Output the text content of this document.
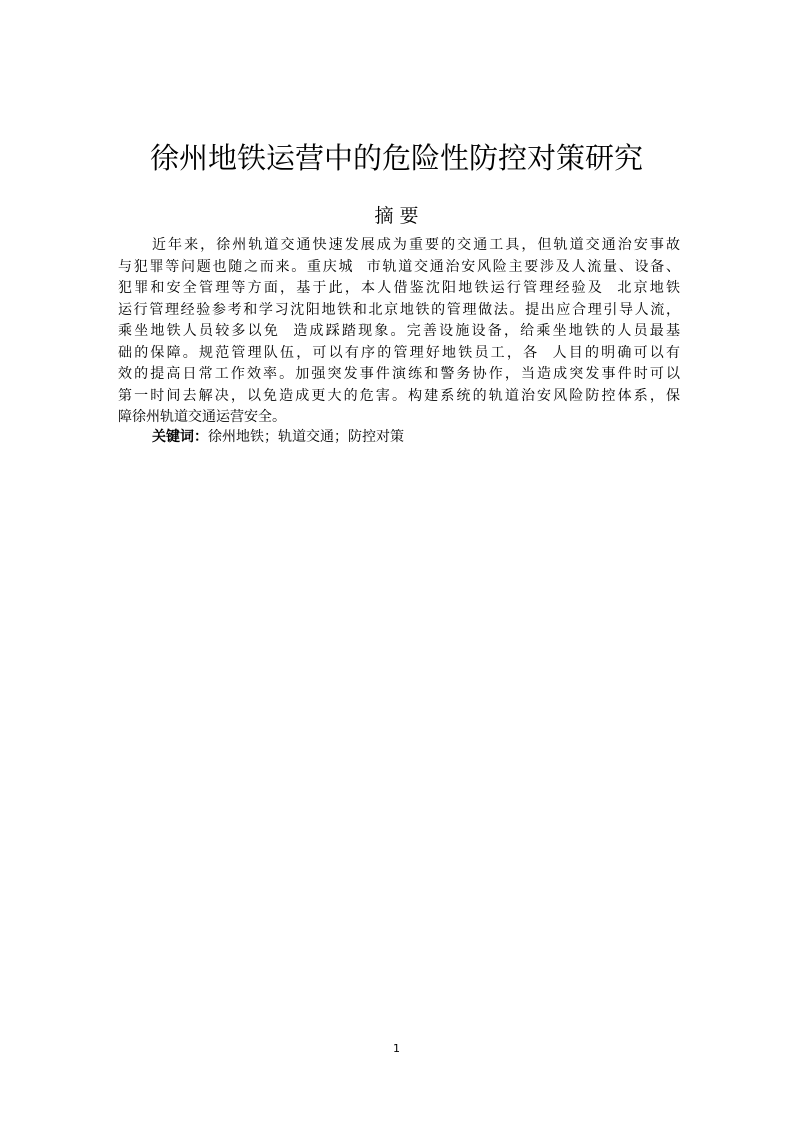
徐州地铁运营中的危险性防控对策研究
摘 要
近年来，徐州轨道交通快速发展成为重要的交通工具，但轨道交通治安事故
与犯罪等问题也随之而来。重庆城  市轨道交通治安风险主要涉及人流量、设备、
犯罪和安全管理等方面，基于此，本人借鉴沈阳地铁运行管理经验及  北京地铁
运行管理经验参考和学习沈阳地铁和北京地铁的管理做法。提出应合理引导人流，
乘坐地铁人员较多以免  造成踩踏现象。完善设施设备，给乘坐地铁的人员最基
础的保障。规范管理队伍，可以有序的管理好地铁员工，各  人目的明确可以有
效的提高日常工作效率。加强突发事件演练和警务协作，当造成突发事件时可以
第一时间去解决，以免造成更大的危害。构建系统的轨道治安风险防控体系，保
障徐州轨道交通运营安全。
关键词：徐州地铁；轨道交通；防控对策
1
